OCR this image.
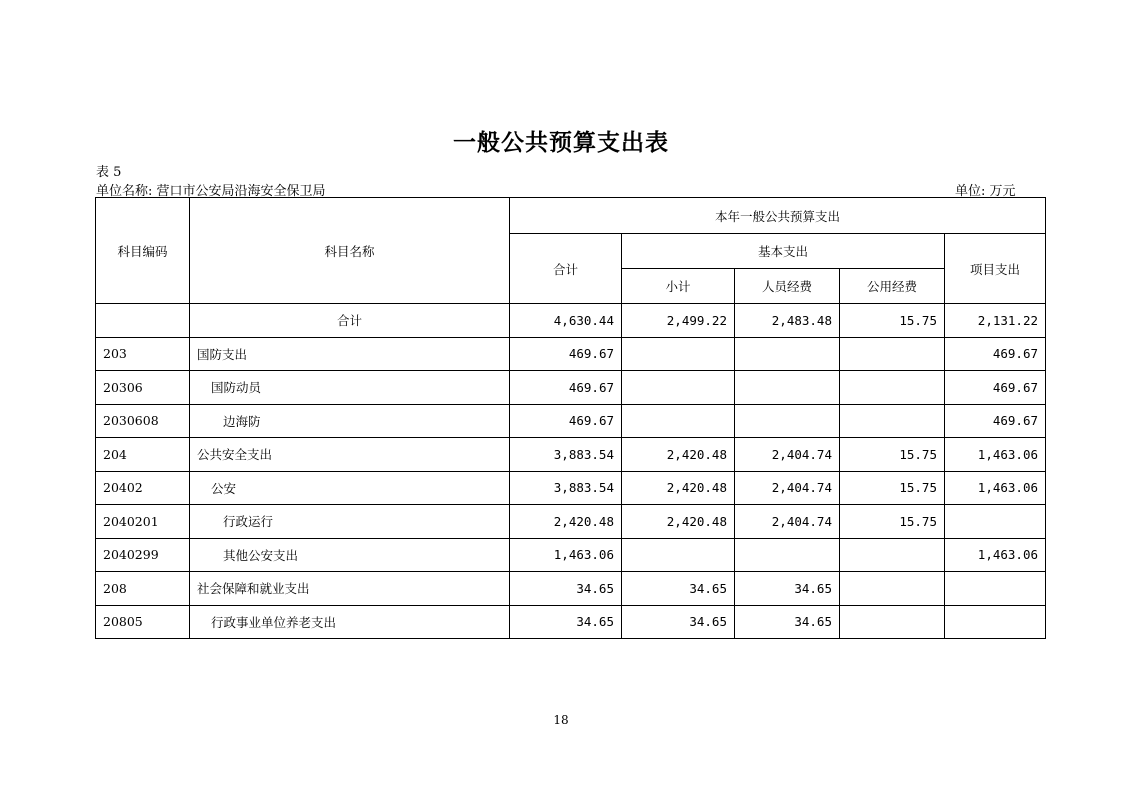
一般公共预算支出表
表 5
单位名称: 营口市公安局沿海安全保卫局	单位: 万元
科目编码	科目名称	本年一般公共预算支出				
		合计	基本支出			项目支出
			小计	人员经费	公用经费	
	合计	4,630.44	2,499.22	2,483.48	15.75	2,131.22
203	国防支出	469.67				469.67
20306	国防动员	469.67				469.67
2030608	边海防	469.67				469.67
204	公共安全支出	3,883.54	2,420.48	2,404.74	15.75	1,463.06
20402	公安	3,883.54	2,420.48	2,404.74	15.75	1,463.06
2040201	行政运行	2,420.48	2,420.48	2,404.74	15.75	
2040299	其他公安支出	1,463.06				1,463.06
208	社会保障和就业支出	34.65	34.65	34.65		
20805	行政事业单位养老支出	34.65	34.65	34.65		
18
